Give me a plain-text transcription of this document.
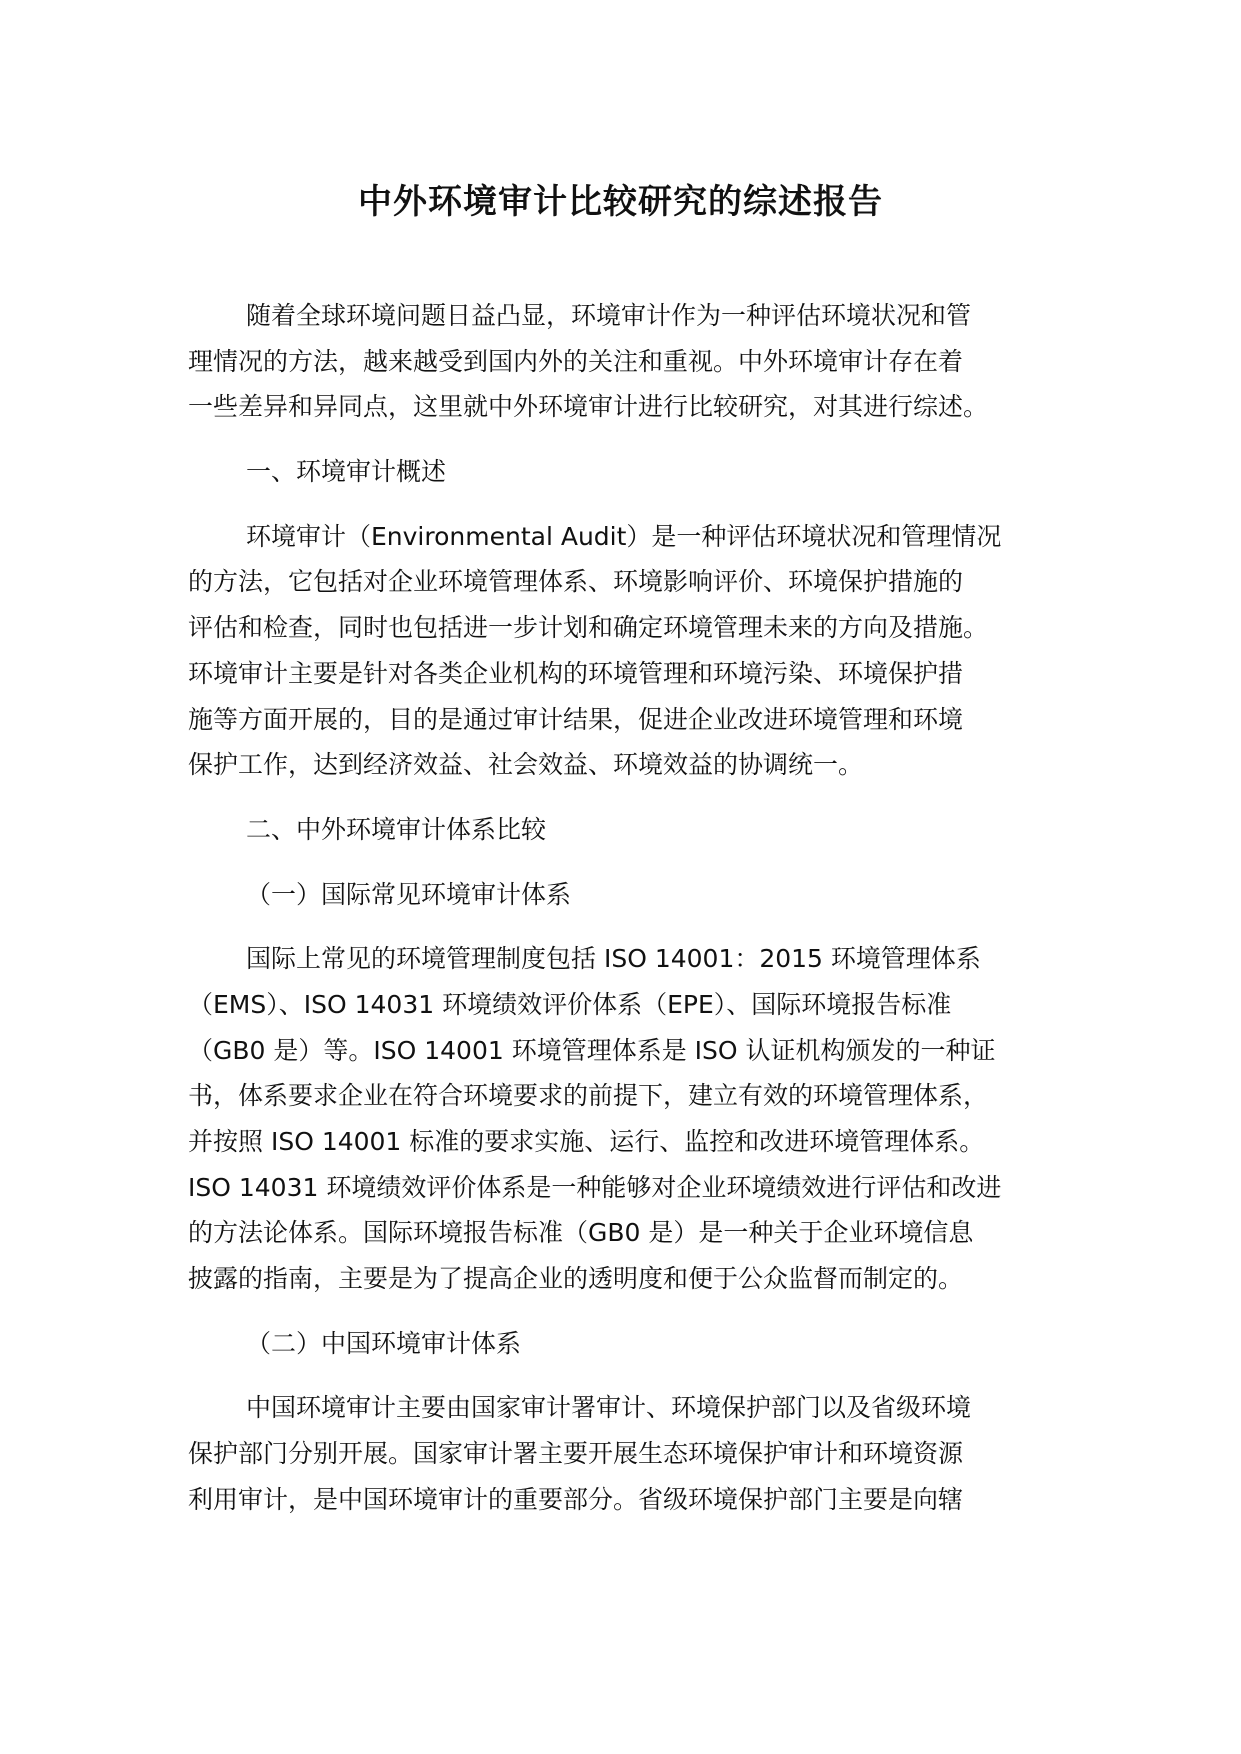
中外环境审计比较研究的综述报告
随着全球环境问题日益凸显，环境审计作为一种评估环境状况和管
理情况的方法，越来越受到国内外的关注和重视。中外环境审计存在着
一些差异和异同点，这里就中外环境审计进行比较研究，对其进行综述。
一、环境审计概述
环境审计（Environmental Audit）是一种评估环境状况和管理情况
的方法，它包括对企业环境管理体系、环境影响评价、环境保护措施的
评估和检查，同时也包括进一步计划和确定环境管理未来的方向及措施。
环境审计主要是针对各类企业机构的环境管理和环境污染、环境保护措
施等方面开展的，目的是通过审计结果，促进企业改进环境管理和环境
保护工作，达到经济效益、社会效益、环境效益的协调统一。
二、中外环境审计体系比较
（一）国际常见环境审计体系
国际上常见的环境管理制度包括 ISO 14001：2015 环境管理体系
（EMS）、ISO 14031 环境绩效评价体系（EPE）、国际环境报告标准
（GB0 是）等。ISO 14001 环境管理体系是 ISO 认证机构颁发的一种证
书，体系要求企业在符合环境要求的前提下，建立有效的环境管理体系，
并按照 ISO 14001 标准的要求实施、运行、监控和改进环境管理体系。
ISO 14031 环境绩效评价体系是一种能够对企业环境绩效进行评估和改进
的方法论体系。国际环境报告标准（GB0 是）是一种关于企业环境信息
披露的指南，主要是为了提高企业的透明度和便于公众监督而制定的。
（二）中国环境审计体系
中国环境审计主要由国家审计署审计、环境保护部门以及省级环境
保护部门分别开展。国家审计署主要开展生态环境保护审计和环境资源
利用审计，是中国环境审计的重要部分。省级环境保护部门主要是向辖
